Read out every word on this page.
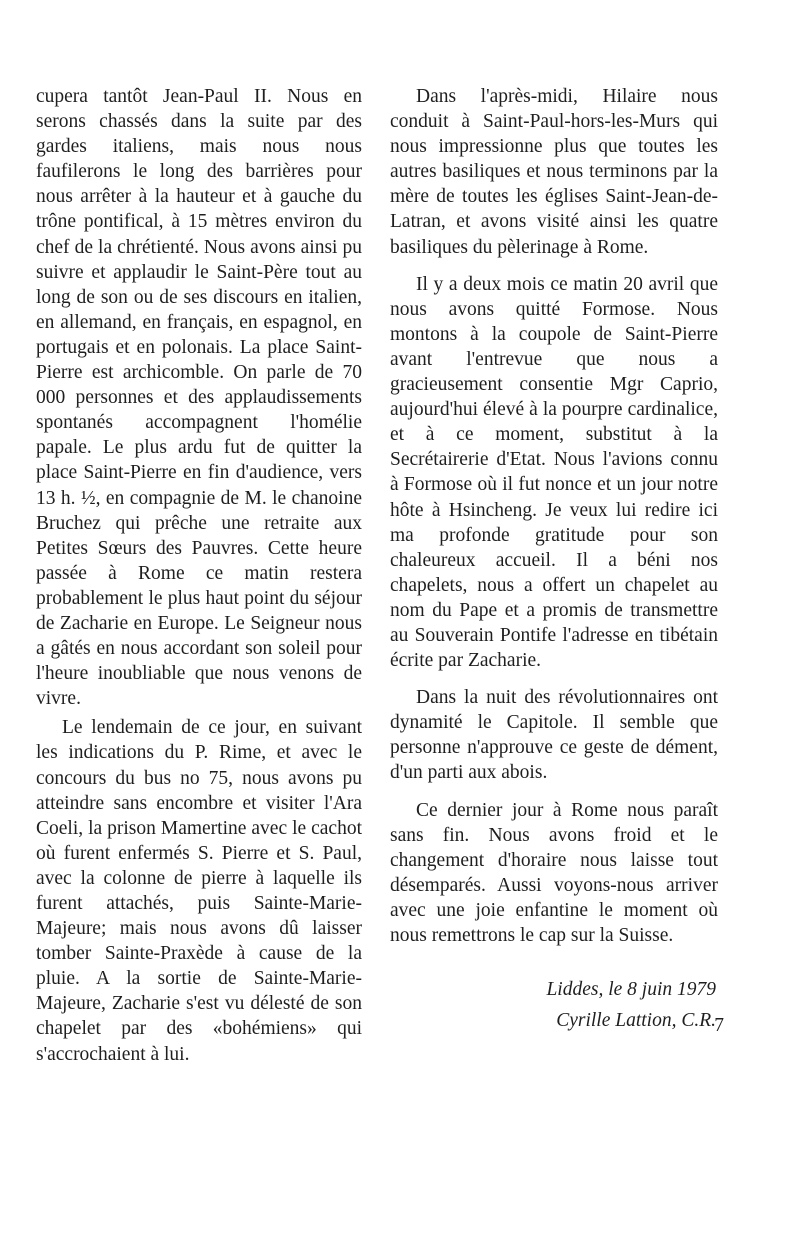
cupera tantôt Jean-Paul II. Nous en serons chassés dans la suite par des gardes italiens, mais nous nous faufilerons le long des barrières pour nous arrêter à la hauteur et à gauche du trône pontifical, à 15 mètres environ du chef de la chrétienté. Nous avons ainsi pu suivre et applaudir le Saint-Père tout au long de son ou de ses discours en italien, en allemand, en français, en espagnol, en portugais et en polonais. La place Saint-Pierre est archicomble. On parle de 70 000 personnes et des applaudissements spontanés accompagnent l'homélie papale. Le plus ardu fut de quitter la place Saint-Pierre en fin d'audience, vers 13 h. ½, en compagnie de M. le chanoine Bruchez qui prêche une retraite aux Petites Sœurs des Pauvres. Cette heure passée à Rome ce matin restera probablement le plus haut point du séjour de Zacharie en Europe. Le Seigneur nous a gâtés en nous accordant son soleil pour l'heure inoubliable que nous venons de vivre.

Le lendemain de ce jour, en suivant les indications du P. Rime, et avec le concours du bus no 75, nous avons pu atteindre sans encombre et visiter l'Ara Coeli, la prison Mamertine avec le cachot où furent enfermés S. Pierre et S. Paul, avec la colonne de pierre à laquelle ils furent attachés, puis Sainte-Marie-Majeure; mais nous avons dû laisser tomber Sainte-Praxède à cause de la pluie. A la sortie de Sainte-Marie-Majeure, Zacharie s'est vu délesté de son chapelet par des «bohémiens» qui s'accrochaient à lui.

Dans l'après-midi, Hilaire nous conduit à Saint-Paul-hors-les-Murs qui nous impressionne plus que toutes les autres basiliques et nous terminons par la mère de toutes les églises Saint-Jean-de-Latran, et avons visité ainsi les quatre basiliques du pèlerinage à Rome.

Il y a deux mois ce matin 20 avril que nous avons quitté Formose. Nous montons à la coupole de Saint-Pierre avant l'entrevue que nous a gracieusement consentie Mgr Caprio, aujourd'hui élevé à la pourpre cardinalice, et à ce moment, substitut à la Secrétairerie d'Etat. Nous l'avions connu à Formose où il fut nonce et un jour notre hôte à Hsincheng. Je veux lui redire ici ma profonde gratitude pour son chaleureux accueil. Il a béni nos chapelets, nous a offert un chapelet au nom du Pape et a promis de transmettre au Souverain Pontife l'adresse en tibétain écrite par Zacharie.

Dans la nuit des révolutionnaires ont dynamité le Capitole. Il semble que personne n'approuve ce geste de dément, d'un parti aux abois.

Ce dernier jour à Rome nous paraît sans fin. Nous avons froid et le changement d'horaire nous laisse tout désemparés. Aussi voyons-nous arriver avec une joie enfantine le moment où nous remettrons le cap sur la Suisse.

Liddes, le 8 juin 1979
Cyrille Lattion, C.R.
7
